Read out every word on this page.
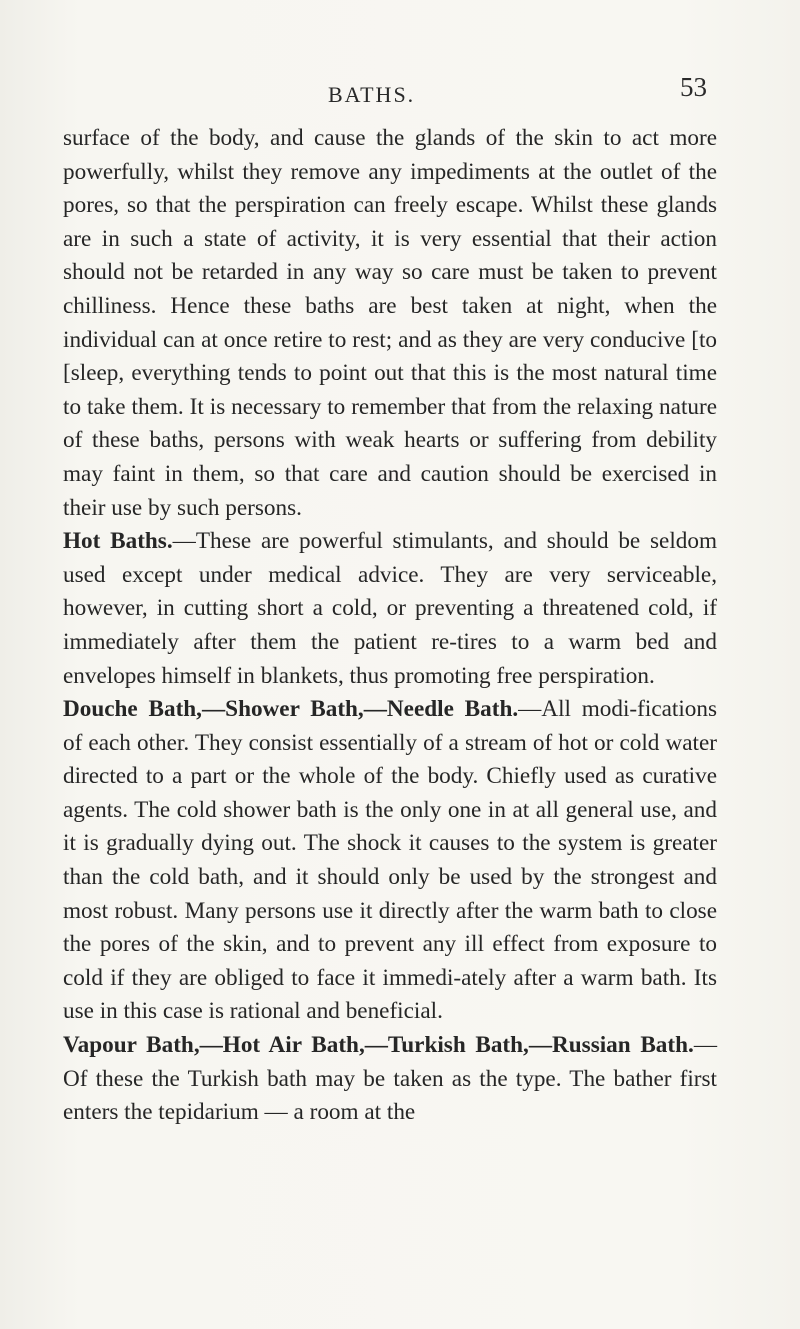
BATHS.	53

surface of the body, and cause the glands of the skin to act more powerfully, whilst they remove any impediments at the outlet of the pores, so that the perspiration can freely escape. Whilst these glands are in such a state of activity, it is very essential that their action should not be retarded in any way so care must be taken to prevent chilliness. Hence these baths are best taken at night, when the individual can at once retire to rest; and as they are very conducive [to [sleep, everything tends to point out that this is the most natural time to take them. It is necessary to remember that from the relaxing nature of these baths, persons with weak hearts or suffering from debility may faint in them, so that care and caution should be exercised in their use by such persons.

Hot Baths.—These are powerful stimulants, and should be seldom used except under medical advice. They are very serviceable, however, in cutting short a cold, or preventing a threatened cold, if immediately after them the patient re-tires to a warm bed and envelopes himself in blankets, thus promoting free perspiration.

Douche Bath,—Shower Bath,—Needle Bath.—All modi-fications of each other. They consist essentially of a stream of hot or cold water directed to a part or the whole of the body. Chiefly used as curative agents. The cold shower bath is the only one in at all general use, and it is gradually dying out. The shock it causes to the system is greater than the cold bath, and it should only be used by the strongest and most robust. Many persons use it directly after the warm bath to close the pores of the skin, and to prevent any ill effect from exposure to cold if they are obliged to face it immedi-ately after a warm bath. Its use in this case is rational and beneficial.

Vapour Bath,—Hot Air Bath,—Turkish Bath,—Russian Bath.—Of these the Turkish bath may be taken as the type. The bather first enters the tepidarium — a room at the
